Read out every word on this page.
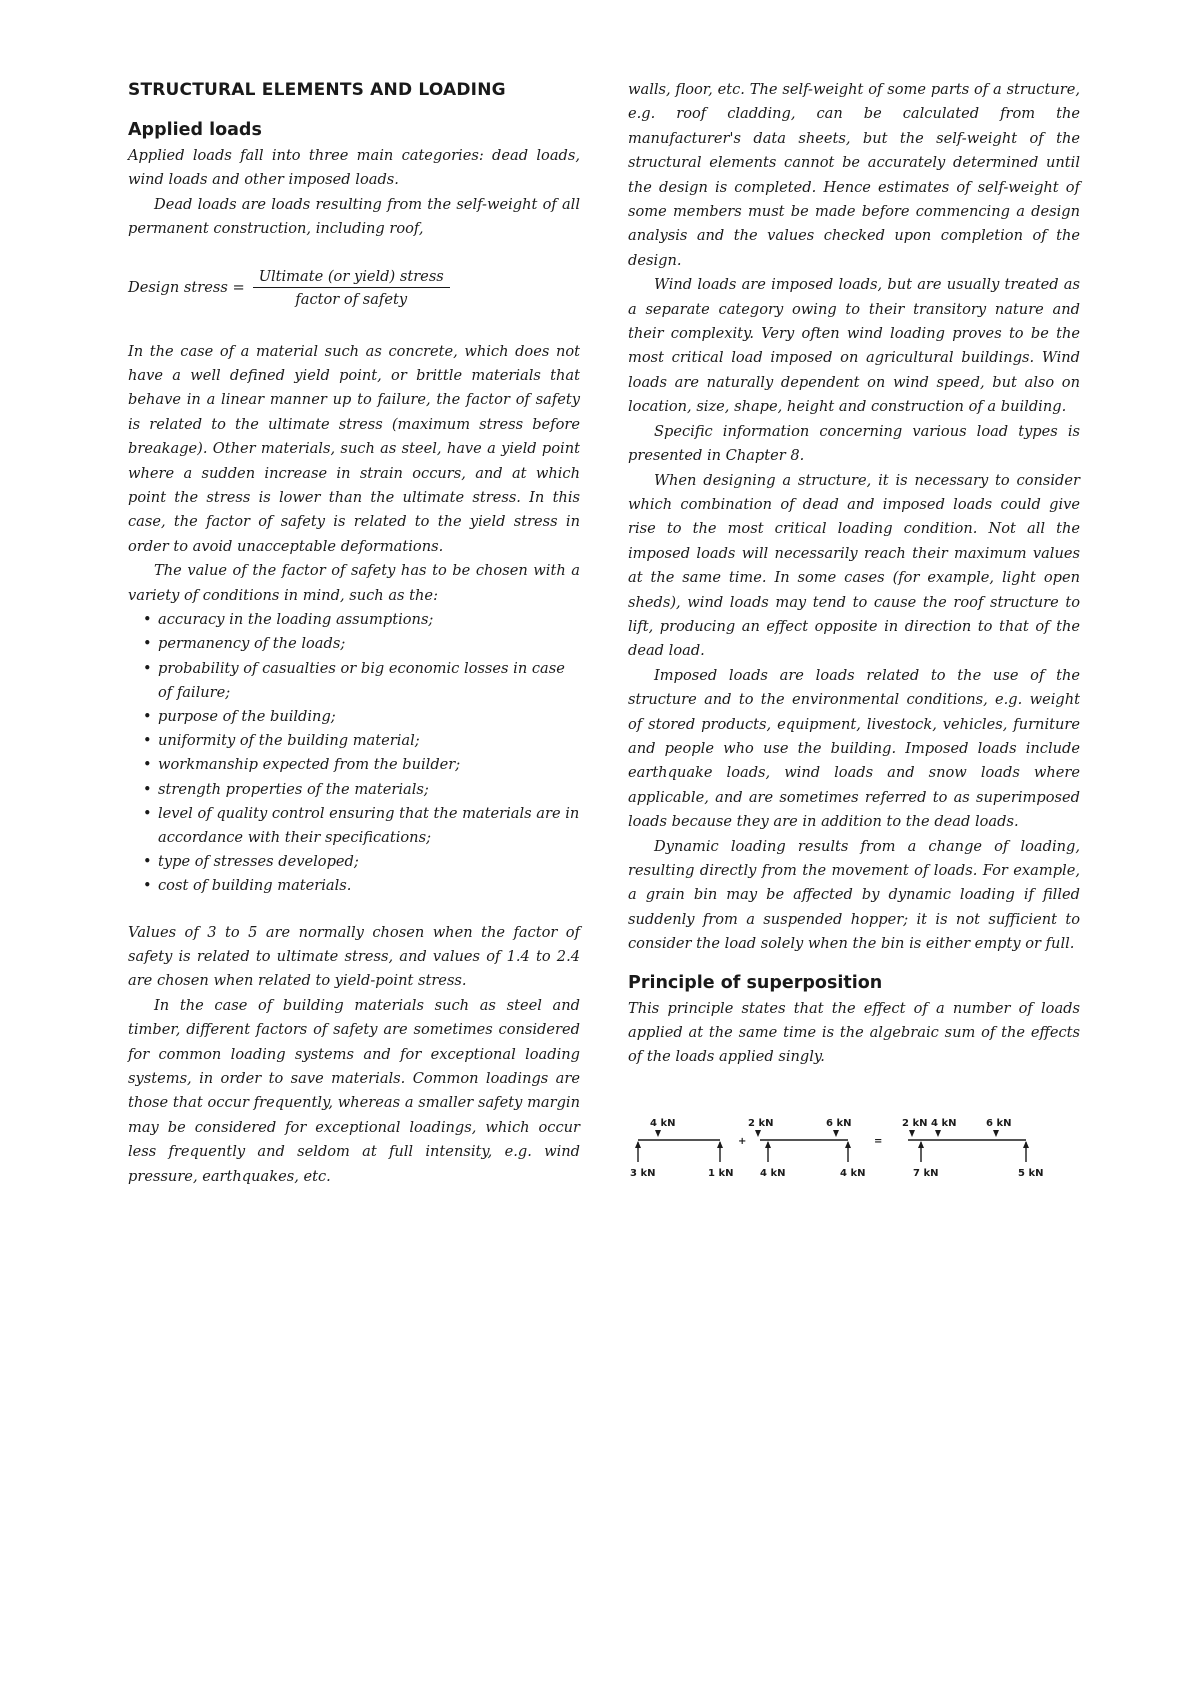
STRUCTURAL ELEMENTS AND LOADING
Applied loads

Applied loads fall into three main categories: dead loads, wind loads and other imposed loads.

Dead loads are loads resulting from the self-weight of all permanent construction, including roof,

Design stress = $\frac{\text{Ultimate (or yield) stress}}{\text{factor of safety}}$

In the case of a material such as concrete, which does not have a well defined yield point, or brittle materials that behave in a linear manner up to failure, the factor of safety is related to the ultimate stress (maximum stress before breakage). Other materials, such as steel, have a yield point where a sudden increase in strain occurs, and at which point the stress is lower than the ultimate stress. In this case, the factor of safety is related to the yield stress in order to avoid unacceptable deformations.

The value of the factor of safety has to be chosen with a variety of conditions in mind, such as the:

• accuracy in the loading assumptions;
• permanency of the loads;
• probability of casualties or big economic losses in case of failure;
• purpose of the building;
• uniformity of the building material;
• workmanship expected from the builder;
• strength properties of the materials;
• level of quality control ensuring that the materials are in accordance with their specifications;
• type of stresses developed;
• cost of building materials.

Values of 3 to 5 are normally chosen when the factor of safety is related to ultimate stress, and values of 1.4 to 2.4 are chosen when related to yield-point stress.

In the case of building materials such as steel and timber, different factors of safety are sometimes considered for common loading systems and for exceptional loading systems, in order to save materials. Common loadings are those that occur frequently, whereas a smaller safety margin may be considered for exceptional loadings, which occur less frequently and seldom at full intensity, e.g. wind pressure, earthquakes, etc.

walls, floor, etc. The self-weight of some parts of a structure, e.g. roof cladding, can be calculated from the manufacturer's data sheets, but the self-weight of the structural elements cannot be accurately determined until the design is completed. Hence estimates of self-weight of some members must be made before commencing a design analysis and the values checked upon completion of the design.

Wind loads are imposed loads, but are usually treated as a separate category owing to their transitory nature and their complexity. Very often wind loading proves to be the most critical load imposed on agricultural buildings. Wind loads are naturally dependent on wind speed, but also on location, size, shape, height and construction of a building.

Specific information concerning various load types is presented in Chapter 8.

When designing a structure, it is necessary to consider which combination of dead and imposed loads could give rise to the most critical loading condition. Not all the imposed loads will necessarily reach their maximum values at the same time. In some cases (for example, light open sheds), wind loads may tend to cause the roof structure to lift, producing an effect opposite in direction to that of the dead load.

Imposed loads are loads related to the use of the structure and to the environmental conditions, e.g. weight of stored products, equipment, livestock, vehicles, furniture and people who use the building. Imposed loads include earthquake loads, wind loads and snow loads where applicable, and are sometimes referred to as superimposed loads because they are in addition to the dead loads.

Dynamic loading results from a change of loading, resulting directly from the movement of loads. For example, a grain bin may be affected by dynamic loading if filled suddenly from a suspended hopper; it is not sufficient to consider the load solely when the bin is either empty or full.

Principle of superposition

This principle states that the effect of a number of loads applied at the same time is the algebraic sum of the effects of the loads applied singly.

4 kN
3 kN	1 kN
+
2 kN	6 kN
4 kN	4 kN
=
2 kN 4 kN	6 kN
7 kN	5 kN
